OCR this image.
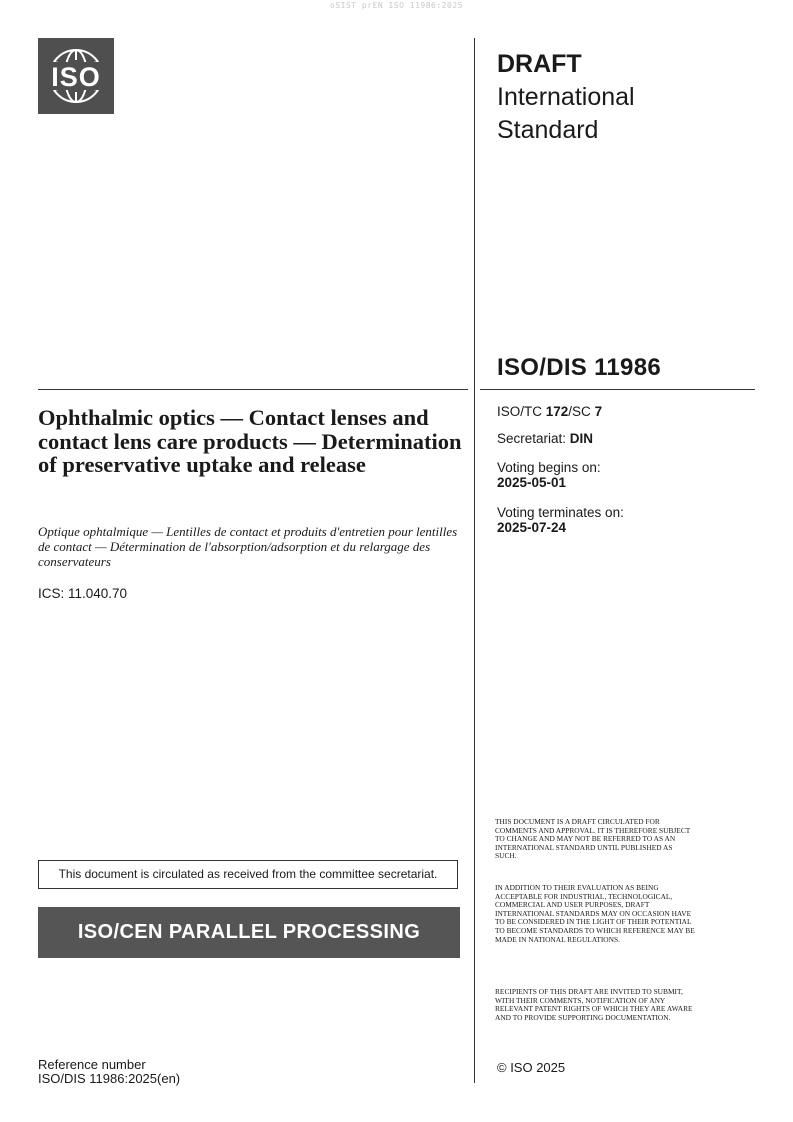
oSIST prEN ISO 11986:2025
ISO	DRAFT
International
Standard
ISO/DIS 11986
ISO/TC 172/SC 7
Secretariat: DIN
Voting begins on:
2025-05-01
Voting terminates on:
2025-07-24
Ophthalmic optics — Contact lenses and contact lens care products — Determination of preservative uptake and release
Optique ophtalmique — Lentilles de contact et produits d'entretien pour lentilles de contact — Détermination de l'absorption/adsorption et du relargage des conservateurs
ICS: 11.040.70
This document is circulated as received from the committee secretariat.
ISO/CEN PARALLEL PROCESSING
THIS DOCUMENT IS A DRAFT CIRCULATED FOR COMMENTS AND APPROVAL. IT IS THEREFORE SUBJECT TO CHANGE AND MAY NOT BE REFERRED TO AS AN INTERNATIONAL STANDARD UNTIL PUBLISHED AS SUCH.
IN ADDITION TO THEIR EVALUATION AS BEING ACCEPTABLE FOR INDUSTRIAL, TECHNOLOGICAL, COMMERCIAL AND USER PURPOSES, DRAFT INTERNATIONAL STANDARDS MAY ON OCCASION HAVE TO BE CONSIDERED IN THE LIGHT OF THEIR POTENTIAL TO BECOME STANDARDS TO WHICH REFERENCE MAY BE MADE IN NATIONAL REGULATIONS.
RECIPIENTS OF THIS DRAFT ARE INVITED TO SUBMIT, WITH THEIR COMMENTS, NOTIFICATION OF ANY RELEVANT PATENT RIGHTS OF WHICH THEY ARE AWARE AND TO PROVIDE SUPPORTING DOCUMENTATION.
© ISO 2025
Reference number
ISO/DIS 11986:2025(en)
